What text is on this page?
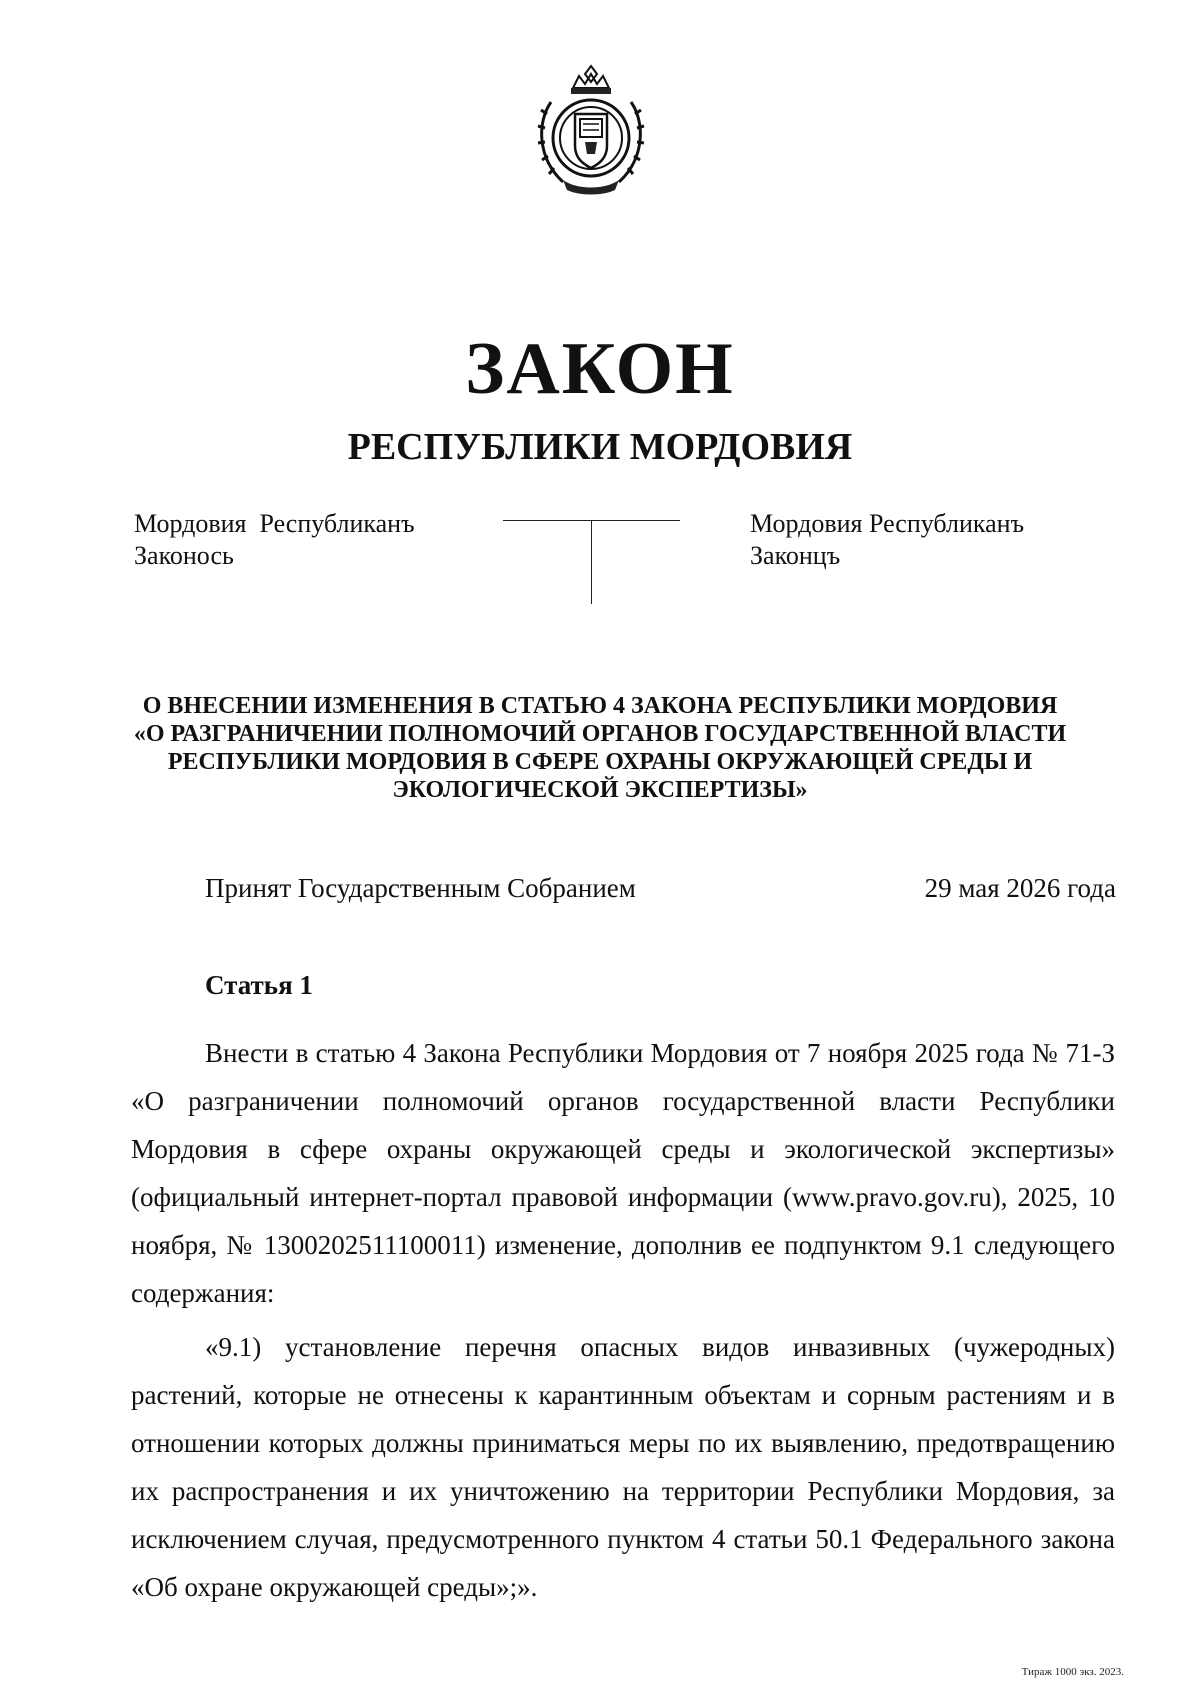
ЗАКОН
РЕСПУБЛИКИ МОРДОВИЯ
Мордовия  Республиканъ
Законось
Мордовия Республиканъ
Законцъ
О ВНЕСЕНИИ ИЗМЕНЕНИЯ В СТАТЬЮ 4 ЗАКОНА РЕСПУБЛИКИ МОРДОВИЯ
«О РАЗГРАНИЧЕНИИ ПОЛНОМОЧИЙ ОРГАНОВ ГОСУДАРСТВЕННОЙ ВЛАСТИ
РЕСПУБЛИКИ МОРДОВИЯ В СФЕРЕ ОХРАНЫ ОКРУЖАЮЩЕЙ СРЕДЫ И
ЭКОЛОГИЧЕСКОЙ ЭКСПЕРТИЗЫ»
Принят Государственным Собранием	29 мая 2026 года
Статья 1

Внести в статью 4 Закона Республики Мордовия от 7 ноября 2025 года № 71-З «О разграничении полномочий органов государственной власти Республики Мордовия в сфере охраны окружающей среды и экологической экспертизы» (официальный интернет-портал правовой информации (www.pravo.gov.ru), 2025, 10 ноября, № 1300202511100011) изменение, дополнив ее подпунктом 9.1 следующего содержания:

«9.1) установление перечня опасных видов инвазивных (чужеродных) растений, которые не отнесены к карантинным объектам и сорным растениям и в отношении которых должны приниматься меры по их выявлению, предотвращению их распространения и их уничтожению на территории Республики Мордовия, за исключением случая, предусмотренного пунктом 4 статьи 50.1 Федерального закона «Об охране окружающей среды»;».

Тираж 1000 экз. 2023.
